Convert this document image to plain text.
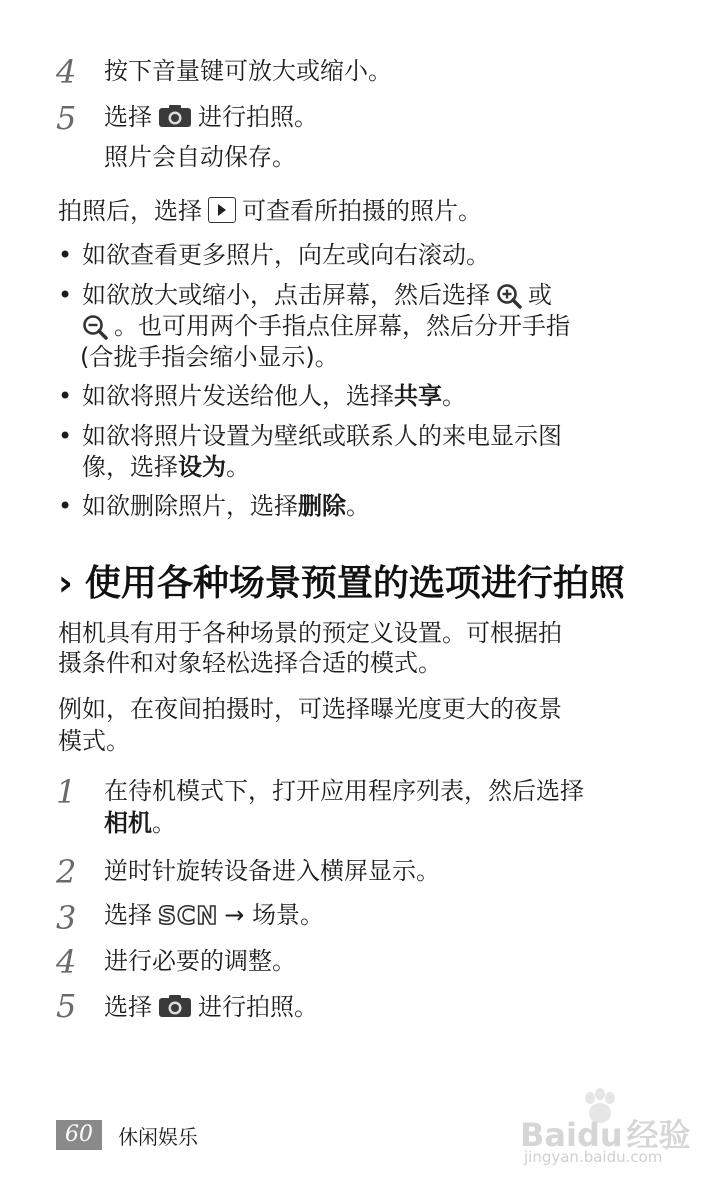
4 按下音量键可放大或缩小。
5 选择 进行拍照。
照片会自动保存。
拍照后，选择 可查看所拍摄的照片。
• 如欲查看更多照片，向左或向右滚动。
• 如欲放大或缩小，点击屏幕，然后选择 或
。也可用两个手指点住屏幕，然后分开手指
(合拢手指会缩小显示)。
• 如欲将照片发送给他人，选择共享。
• 如欲将照片设置为壁纸或联系人的来电显示图
像，选择设为。
• 如欲删除照片，选择删除。
› 使用各种场景预置的选项进行拍照
相机具有用于各种场景的预定义设置。可根据拍
摄条件和对象轻松选择合适的模式。
例如，在夜间拍摄时，可选择曝光度更大的夜景
模式。
1 在待机模式下，打开应用程序列表，然后选择
相机。
2 逆时针旋转设备进入横屏显示。
3 选择 SCN → 场景。
4 进行必要的调整。
5 选择 进行拍照。
60	休闲娱乐	Baidu 经验
jingyan.baidu.com
